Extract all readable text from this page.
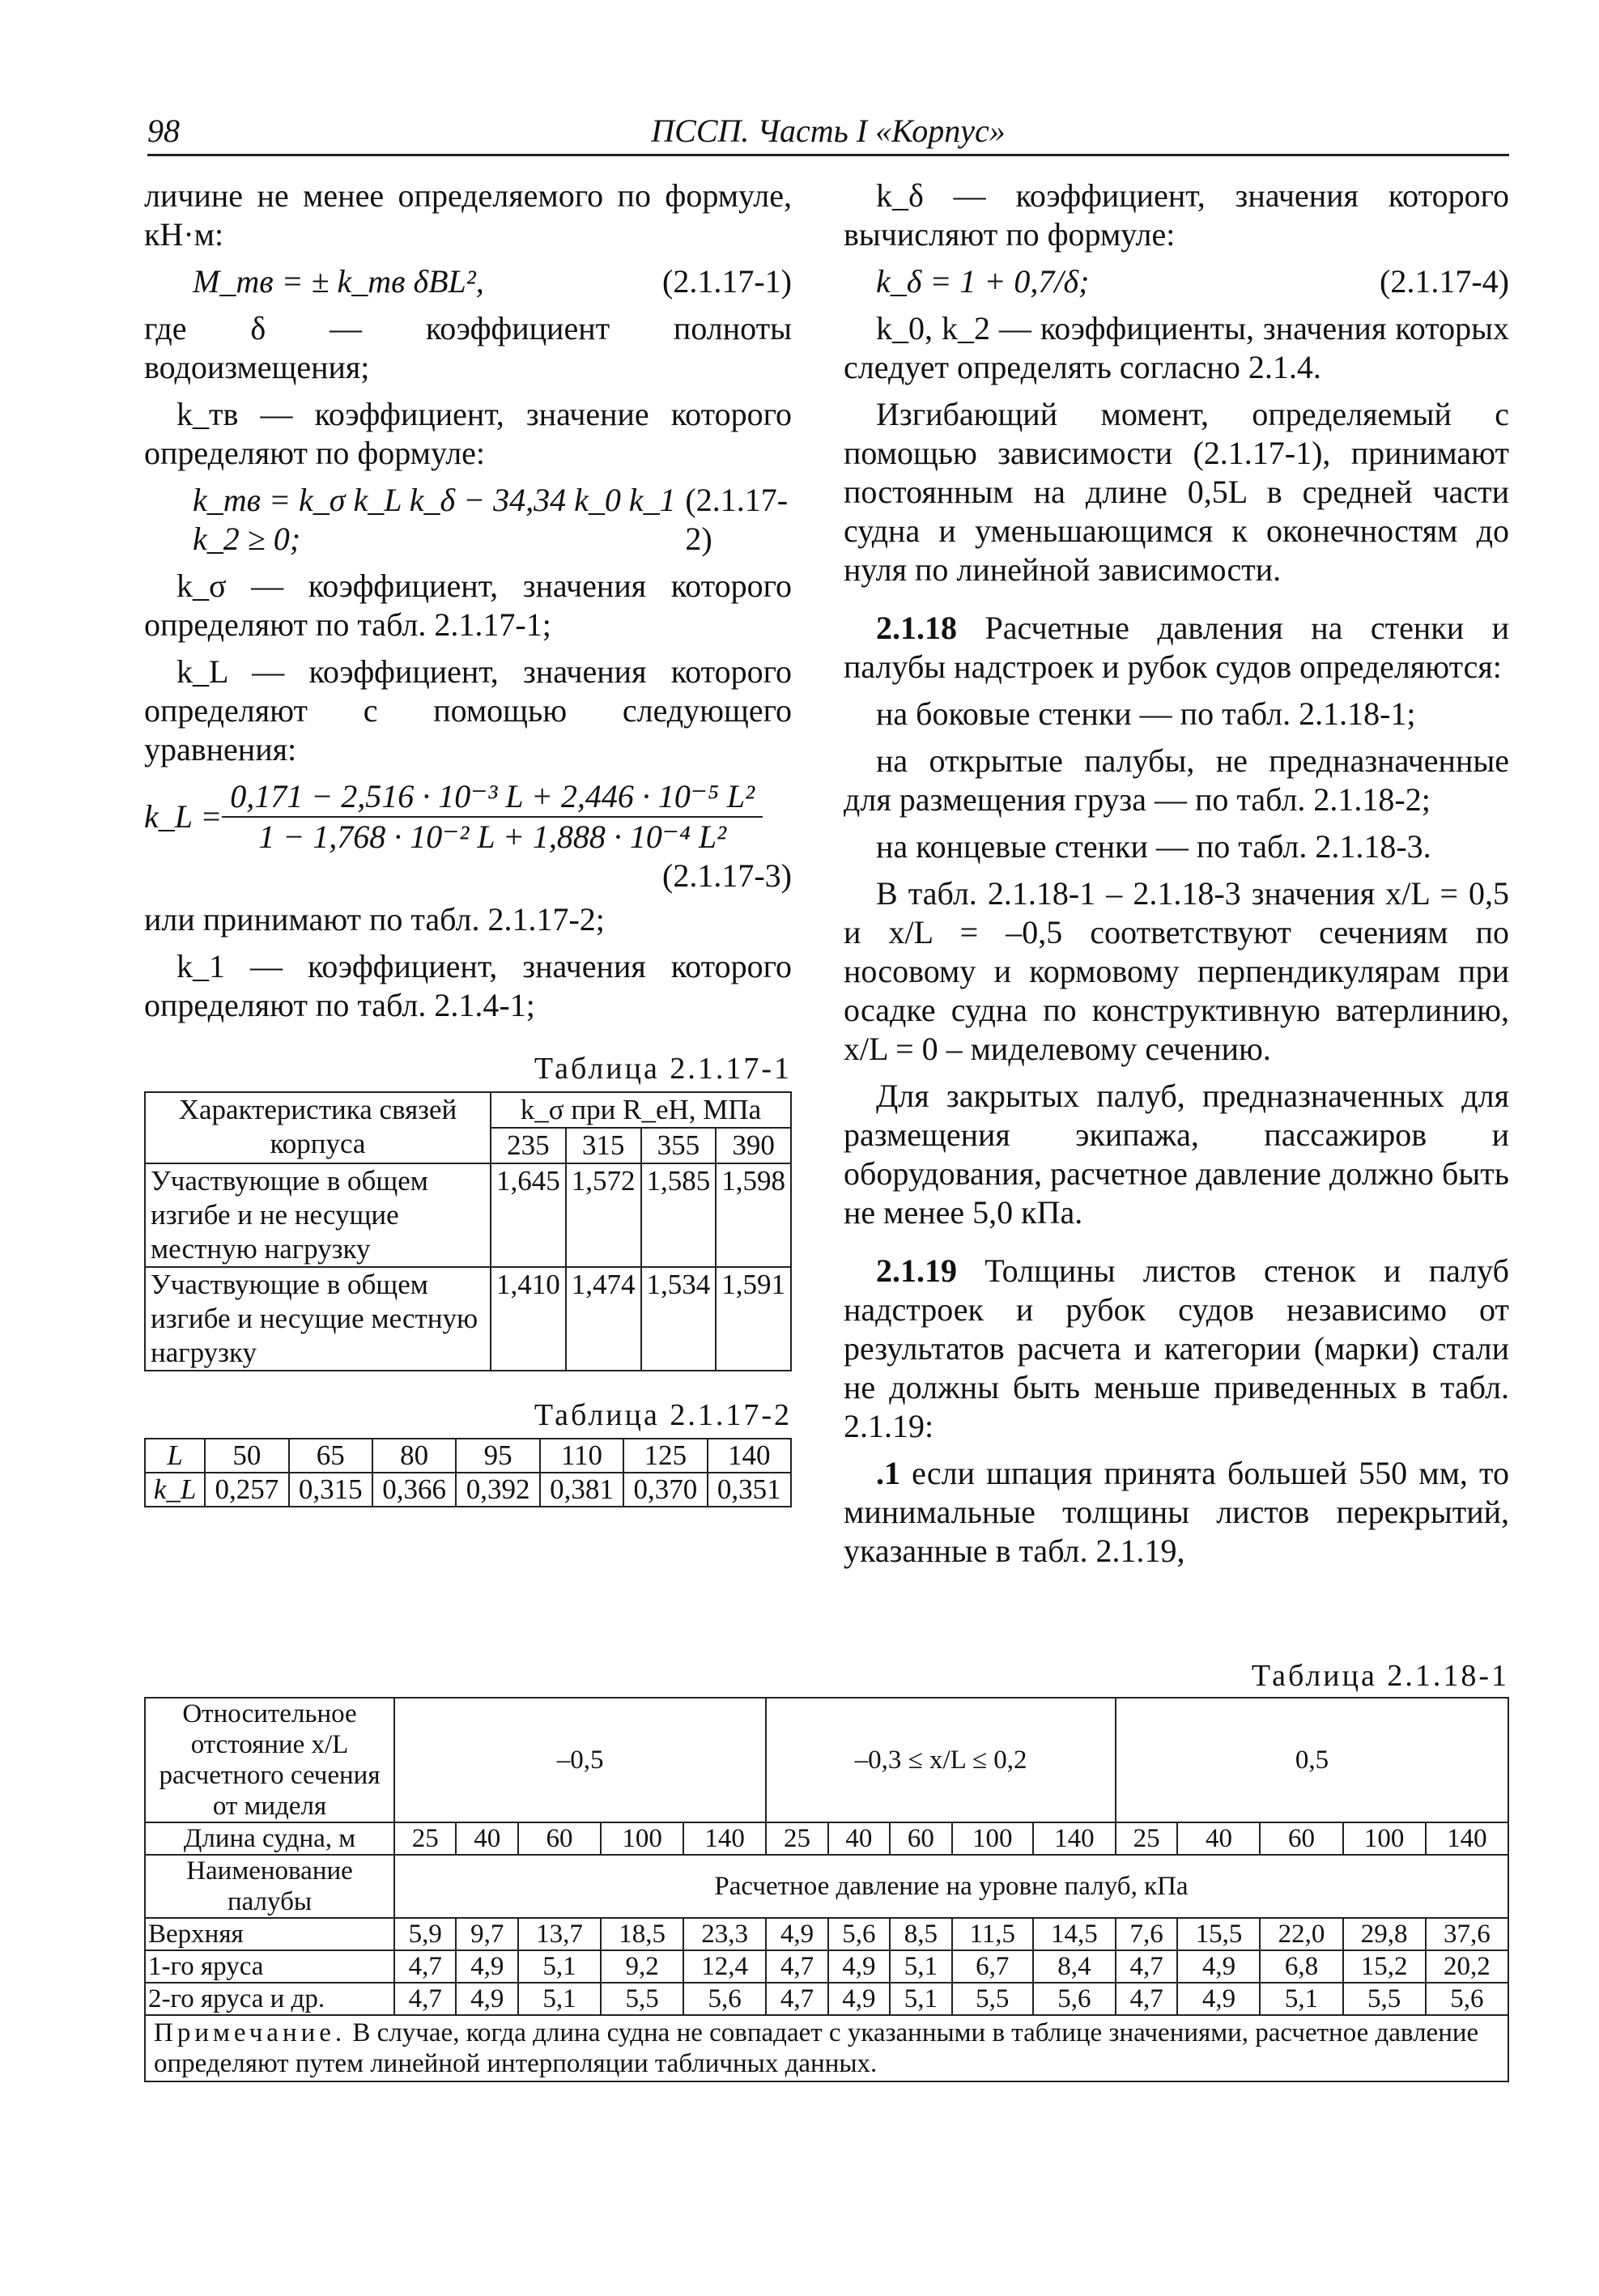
98	ПССП. Часть I «Корпус»

личине не менее определяемого по формуле, кН·м:

M_тв = ± k_тв δBL²,	(2.1.17-1)

где δ — коэффициент полноты водоизмещения;

k_тв — коэффициент, значение которого определяют по формуле:

k_тв = k_σ k_L k_δ − 34,34 k_0 k_1 k_2 ≥ 0;
(2.1.17-2)

k_σ — коэффициент, значения которого определяют по табл. 2.1.17-1;

k_L — коэффициент, значения которого определяют с помощью следующего уравнения:

k_L = $\frac{\text{0,171 − 2,516 · 10⁻³ L + 2,446 · 10⁻⁵ L²}}{\text{1 − 1,768 · 10⁻² L + 1,888 · 10⁻⁴ L²}}$
(2.1.17-3)

или принимают по табл. 2.1.17-2;

k_1 — коэффициент, значения которого определяют по табл. 2.1.4-1;

Таблица 2.1.17-1
Характеристика связей корпуса	k_σ при R_eH, МПа			
	235	315	355	390
Участвующие в общем изгибе и не несущие местную нагрузку	1,645	1,572	1,585	1,598
Участвующие в общем изгибе и несущие местную нагрузку	1,410	1,474	1,534	1,591
Таблица 2.1.17-2
L	50	65	80	95	110	125	140
k_L	0,257	0,315	0,366	0,392	0,381	0,370	0,351

k_δ — коэффициент, значения которого вычисляют по формуле:

k_δ = 1 + 0,7/δ;	(2.1.17-4)

k_0, k_2 — коэффициенты, значения которых следует определять согласно 2.1.4.

Изгибающий момент, определяемый с помощью зависимости (2.1.17-1), принимают постоянным на длине 0,5L в средней части судна и уменьшающимся к оконечностям до нуля по линейной зависимости.

2.1.18 Расчетные давления на стенки и палубы надстроек и рубок судов определяются:

на боковые стенки — по табл. 2.1.18-1;

на открытые палубы, не предназначенные для размещения груза — по табл. 2.1.18-2;

на концевые стенки — по табл. 2.1.18-3.

В табл. 2.1.18-1 – 2.1.18-3 значения x/L = 0,5 и x/L = –0,5 соответствуют сечениям по носовому и кормовому перпендикулярам при осадке судна по конструктивную ватерлинию, x/L = 0 – миделевому сечению.

Для закрытых палуб, предназначенных для размещения экипажа, пассажиров и оборудования, расчетное давление должно быть не менее 5,0 кПа.

2.1.19 Толщины листов стенок и палуб надстроек и рубок судов независимо от результатов расчета и категории (марки) стали не должны быть меньше приведенных в табл. 2.1.19:

.1 если шпация принята большей 550 мм, то минимальные толщины листов перекрытий, указанные в табл. 2.1.19,

Таблица 2.1.18-1
Относительное отстояние x/L расчетного сечения от миделя	–0,5					–0,3 ≤ x/L ≤ 0,2					0,5				
Длина судна, м	25	40	60	100	140	25	40	60	100	140	25	40	60	100	140
Наименование палубы	Расчетное давление на уровне палуб, кПа														
Верхняя	5,9	9,7	13,7	18,5	23,3	4,9	5,6	8,5	11,5	14,5	7,6	15,5	22,0	29,8	37,6
1-го яруса	4,7	4,9	5,1	9,2	12,4	4,7	4,9	5,1	6,7	8,4	4,7	4,9	6,8	15,2	20,2
2-го яруса и др.	4,7	4,9	5,1	5,5	5,6	4,7	4,9	5,1	5,5	5,6	4,7	4,9	5,1	5,5	5,6
Примечание. В случае, когда длина судна не совпадает с указанными в таблице значениями, расчетное давление определяют путем линейной интерполяции табличных данных.															
